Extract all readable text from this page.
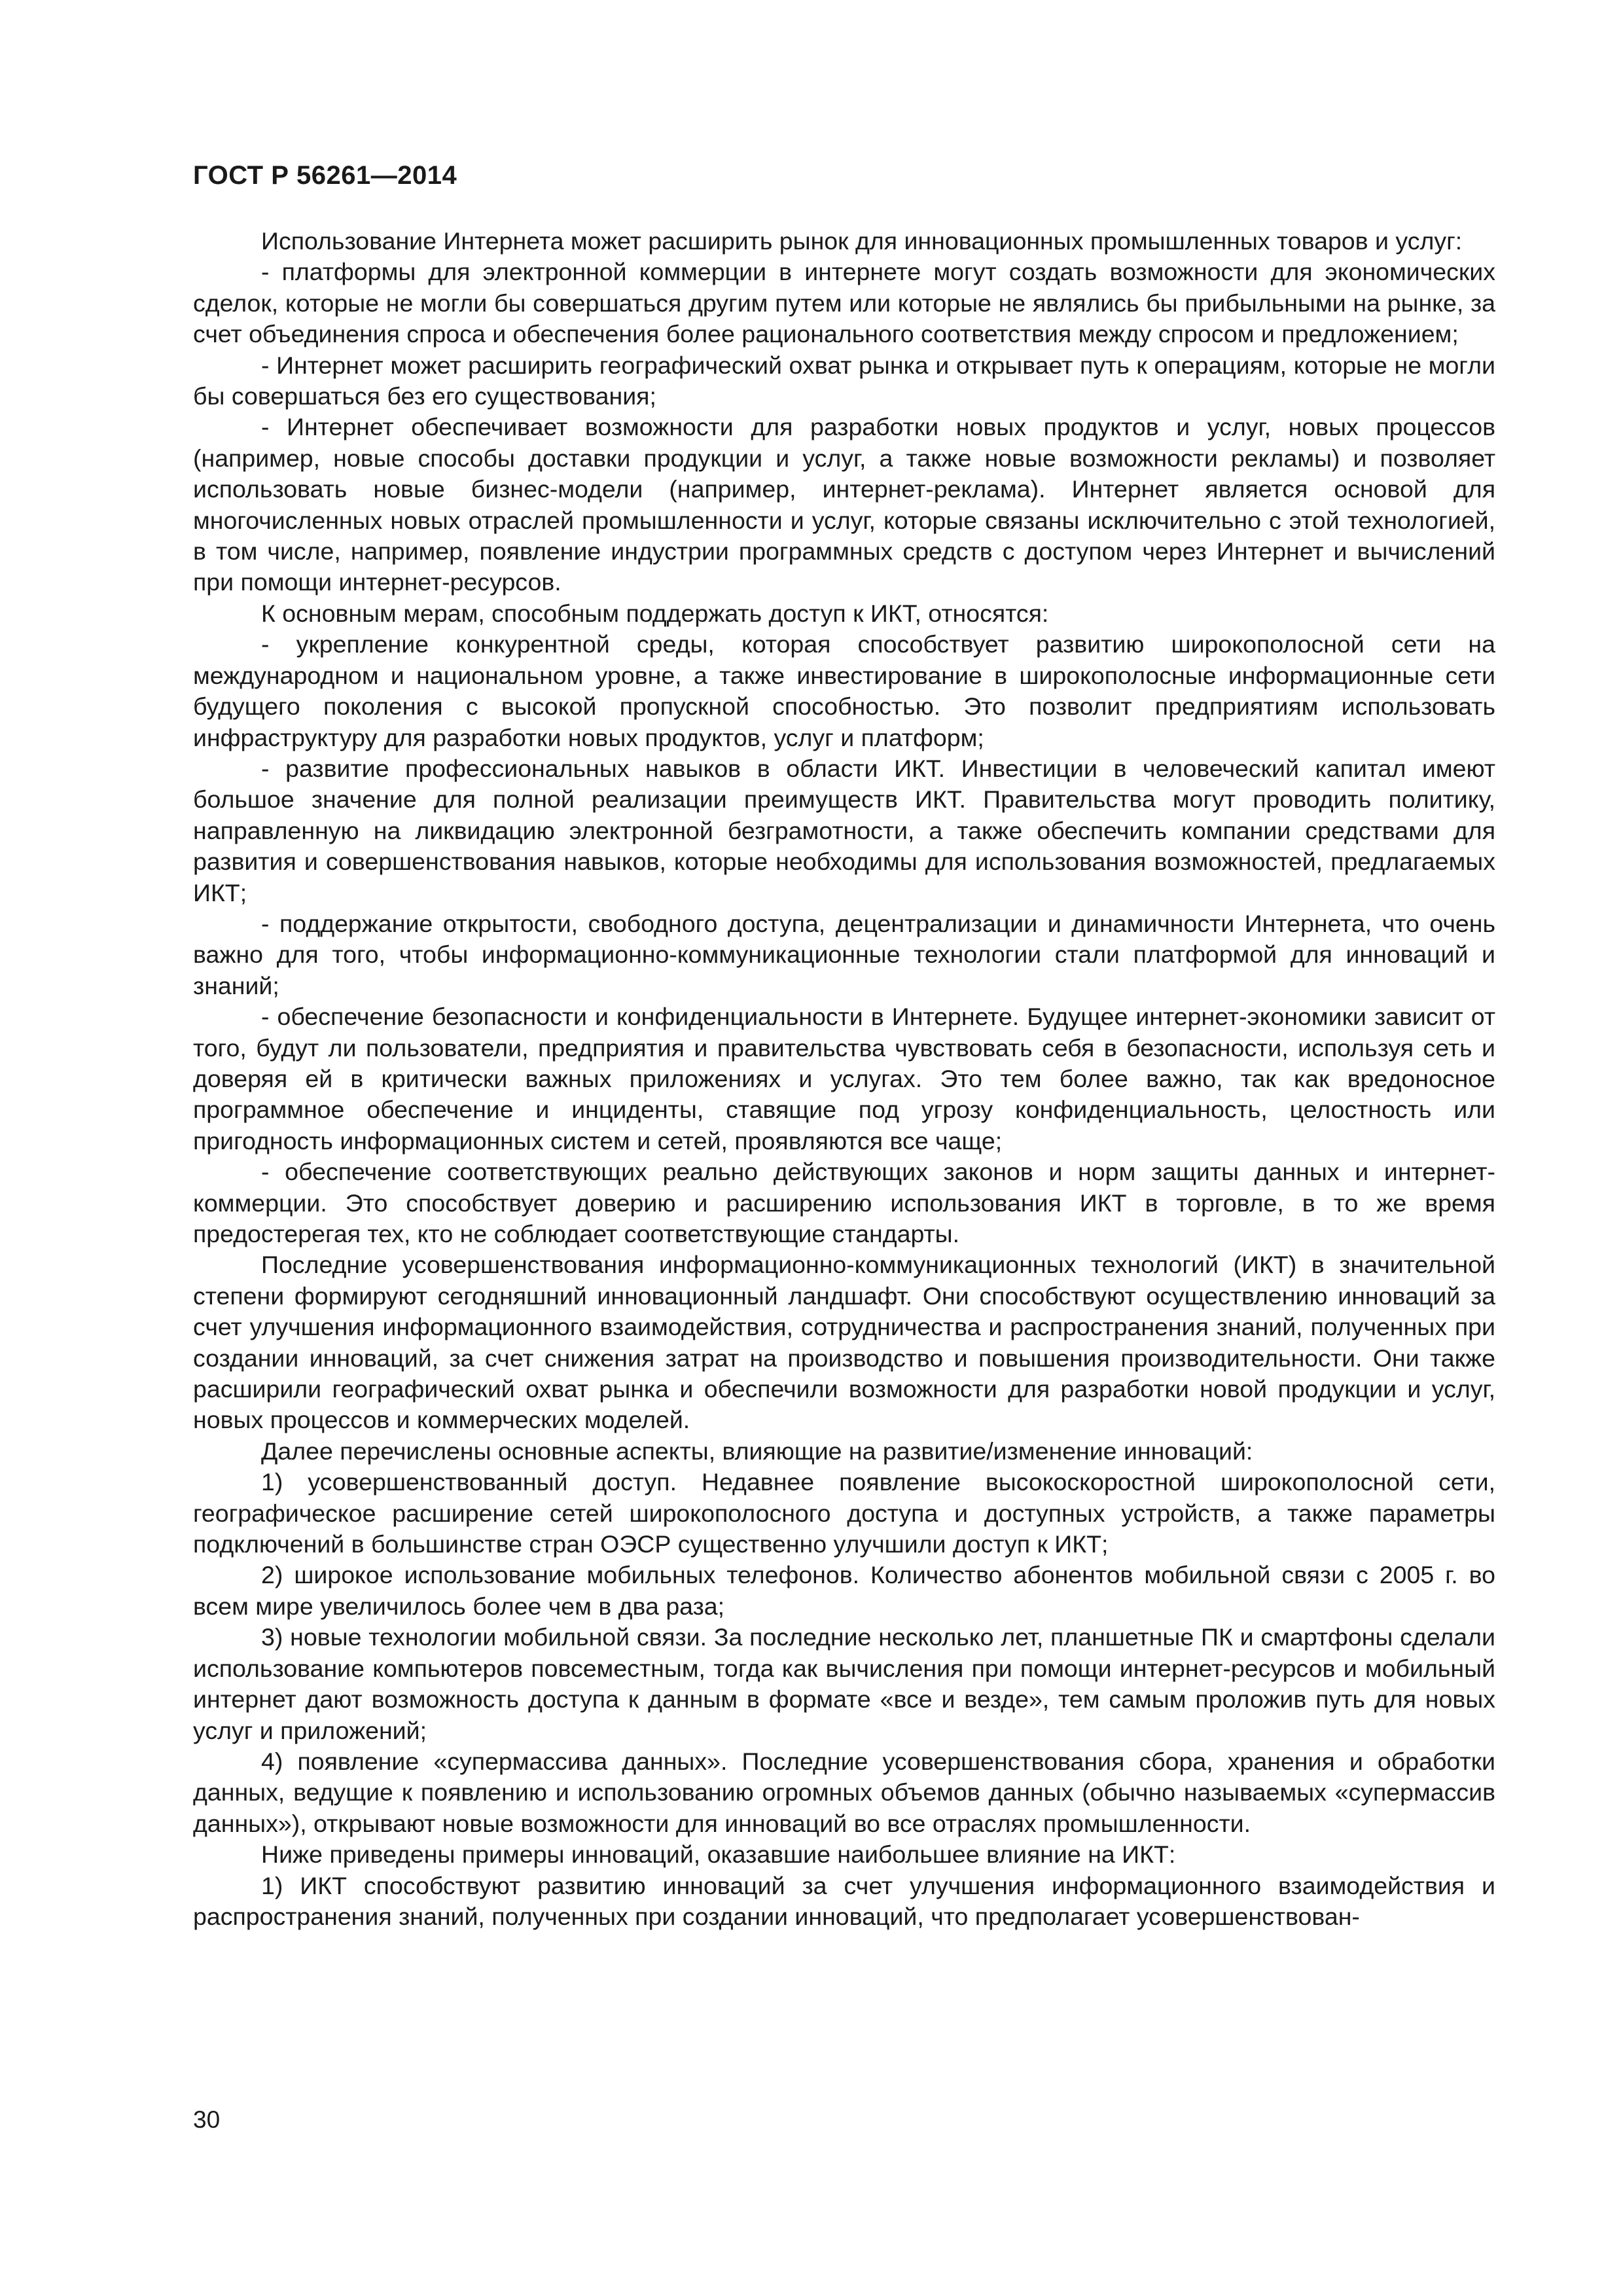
ГОСТ Р 56261—2014

Использование Интернета может расширить рынок для инновационных промышленных товаров и услуг:

- платформы для электронной коммерции в интернете могут создать возможности для экономических сделок, которые не могли бы совершаться другим путем или которые не являлись бы прибыльными на рынке, за счет объединения спроса и обеспечения более рационального соответствия между спросом и предложением;

- Интернет может расширить географический охват рынка и открывает путь к операциям, которые не могли бы совершаться без его существования;

- Интернет обеспечивает возможности для разработки новых продуктов и услуг, новых процессов (например, новые способы доставки продукции и услуг, а также новые возможности рекламы) и позволяет использовать новые бизнес-модели (например, интернет-реклама). Интернет является основой для многочисленных новых отраслей промышленности и услуг, которые связаны исключительно с этой технологией, в том числе, например, появление индустрии программных средств с доступом через Интернет и вычислений при помощи интернет-ресурсов.

К основным мерам, способным поддержать доступ к ИКТ, относятся:

- укрепление конкурентной среды, которая способствует развитию широкополосной сети на международном и национальном уровне, а также инвестирование в широкополосные информационные сети будущего поколения с высокой пропускной способностью. Это позволит предприятиям использовать инфраструктуру для разработки новых продуктов, услуг и платформ;

- развитие профессиональных навыков в области ИКТ. Инвестиции в человеческий капитал имеют большое значение для полной реализации преимуществ ИКТ. Правительства могут проводить политику, направленную на ликвидацию электронной безграмотности, а также обеспечить компании средствами для развития и совершенствования навыков, которые необходимы для использования возможностей, предлагаемых ИКТ;

- поддержание открытости, свободного доступа, децентрализации и динамичности Интернета, что очень важно для того, чтобы информационно-коммуникационные технологии стали платформой для инноваций и знаний;

- обеспечение безопасности и конфиденциальности в Интернете. Будущее интернет-экономики зависит от того, будут ли пользователи, предприятия и правительства чувствовать себя в безопасности, используя сеть и доверяя ей в критически важных приложениях и услугах. Это тем более важно, так как вредоносное программное обеспечение и инциденты, ставящие под угрозу конфиденциальность, целостность или пригодность информационных систем и сетей, проявляются все чаще;

- обеспечение соответствующих реально действующих законов и норм защиты данных и интернет-коммерции. Это способствует доверию и расширению использования ИКТ в торговле, в то же время предостерегая тех, кто не соблюдает соответствующие стандарты.

Последние усовершенствования информационно-коммуникационных технологий (ИКТ) в значительной степени формируют сегодняшний инновационный ландшафт. Они способствуют осуществлению инноваций за счет улучшения информационного взаимодействия, сотрудничества и распространения знаний, полученных при создании инноваций, за счет снижения затрат на производство и повышения производительности. Они также расширили географический охват рынка и обеспечили возможности для разработки новой продукции и услуг, новых процессов и коммерческих моделей.

Далее перечислены основные аспекты, влияющие на развитие/изменение инноваций:

1) усовершенствованный доступ. Недавнее появление высокоскоростной широкополосной сети, географическое расширение сетей широкополосного доступа и доступных устройств, а также параметры подключений в большинстве стран ОЭСР существенно улучшили доступ к ИКТ;

2) широкое использование мобильных телефонов. Количество абонентов мобильной связи с 2005 г. во всем мире увеличилось более чем в два раза;

3) новые технологии мобильной связи. За последние несколько лет, планшетные ПК и смартфоны сделали использование компьютеров повсеместным, тогда как вычисления при помощи интернет-ресурсов и мобильный интернет дают возможность доступа к данным в формате «все и везде», тем самым проложив путь для новых услуг и приложений;

4) появление «супермассива данных». Последние усовершенствования сбора, хранения и обработки данных, ведущие к появлению и использованию огромных объемов данных (обычно называемых «супермассив данных»), открывают новые возможности для инноваций во все отраслях промышленности.

Ниже приведены примеры инноваций, оказавшие наибольшее влияние на ИКТ:

1) ИКТ способствуют развитию инноваций за счет улучшения информационного взаимодействия и распространения знаний, полученных при создании инноваций, что предполагает усовершенствован-

30
